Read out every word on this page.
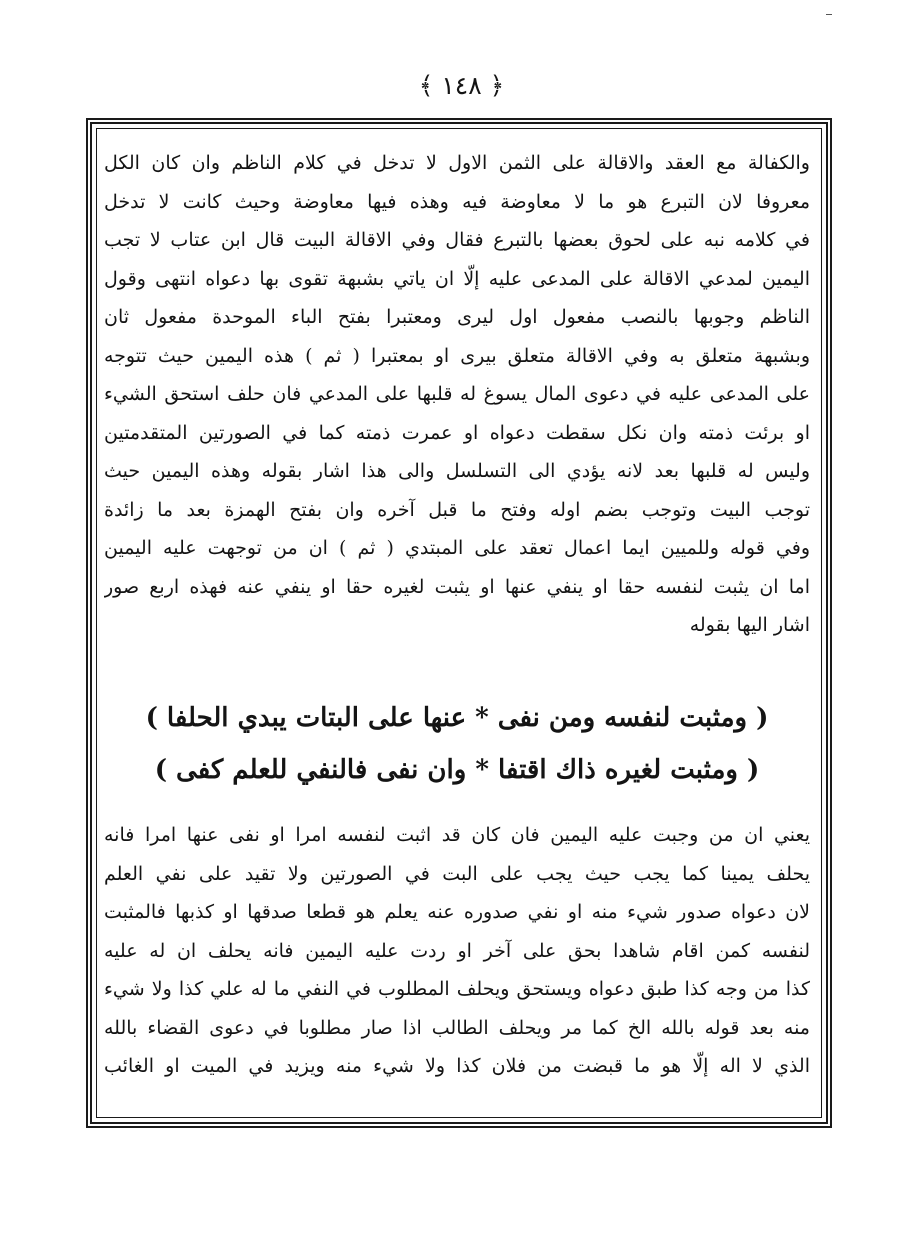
﴿ ١٤٨ ﴾
والكفالة مع العقد والاقالة على الثمن الاول لا تدخل في كلام الناظم وان كان الكل
معروفا لان التبرع هو ما لا معاوضة فيه وهذه فيها معاوضة وحيث كانت لا تدخل
في كلامه نبه على لحوق بعضها بالتبرع فقال وفي الاقالة البيت قال ابن عتاب لا تجب
اليمين لمدعي الاقالة على المدعى عليه إلّا ان ياتي بشبهة تقوى بها دعواه انتهى وقول
الناظم وجوبها بالنصب مفعول اول ليرى ومعتبرا بفتح الباء الموحدة مفعول ثان
وبشبهة متعلق به وفي الاقالة متعلق بيرى او بمعتبرا ( ثم ) هذه اليمين حيث تتوجه
على المدعى عليه في دعوى المال يسوغ له قلبها على المدعي فان حلف استحق الشيء
او برئت ذمته وان نكل سقطت دعواه او عمرت ذمته كما في الصورتين المتقدمتين
وليس له قلبها بعد لانه يؤدي الى التسلسل والى هذا اشار بقوله وهذه اليمين حيث
توجب البيت وتوجب بضم اوله وفتح ما قبل آخره وان بفتح الهمزة بعد ما زائدة
وفي قوله وللميين ايما اعمال تعقد على المبتدي ( ثم ) ان من توجهت عليه اليمين
اما ان يثبت لنفسه حقا او ينفي عنها او يثبت لغيره حقا او ينفي عنه فهذه اربع صور
اشار اليها بقوله
( ومثبت لنفسه ومن نفى * عنها على البتات يبدي الحلفا )
( ومثبت لغيره ذاك اقتفا * وان نفى فالنفي للعلم كفى )
يعني ان من وجبت عليه اليمين فان كان قد اثبت لنفسه امرا او نفى عنها امرا فانه
يحلف يمينا كما يجب حيث يجب على البت في الصورتين ولا تقيد على نفي العلم
لان دعواه صدور شيء منه او نفي صدوره عنه يعلم هو قطعا صدقها او كذبها فالمثبت
لنفسه كمن اقام شاهدا بحق على آخر او ردت عليه اليمين فانه يحلف ان له عليه
كذا من وجه كذا طبق دعواه ويستحق ويحلف المطلوب في النفي ما له علي كذا ولا شيء
منه بعد قوله بالله الخ كما مر ويحلف الطالب اذا صار مطلوبا في دعوى القضاء بالله
الذي لا اله إلّا هو ما قبضت من فلان كذا ولا شيء منه ويزيد في الميت او الغائب
